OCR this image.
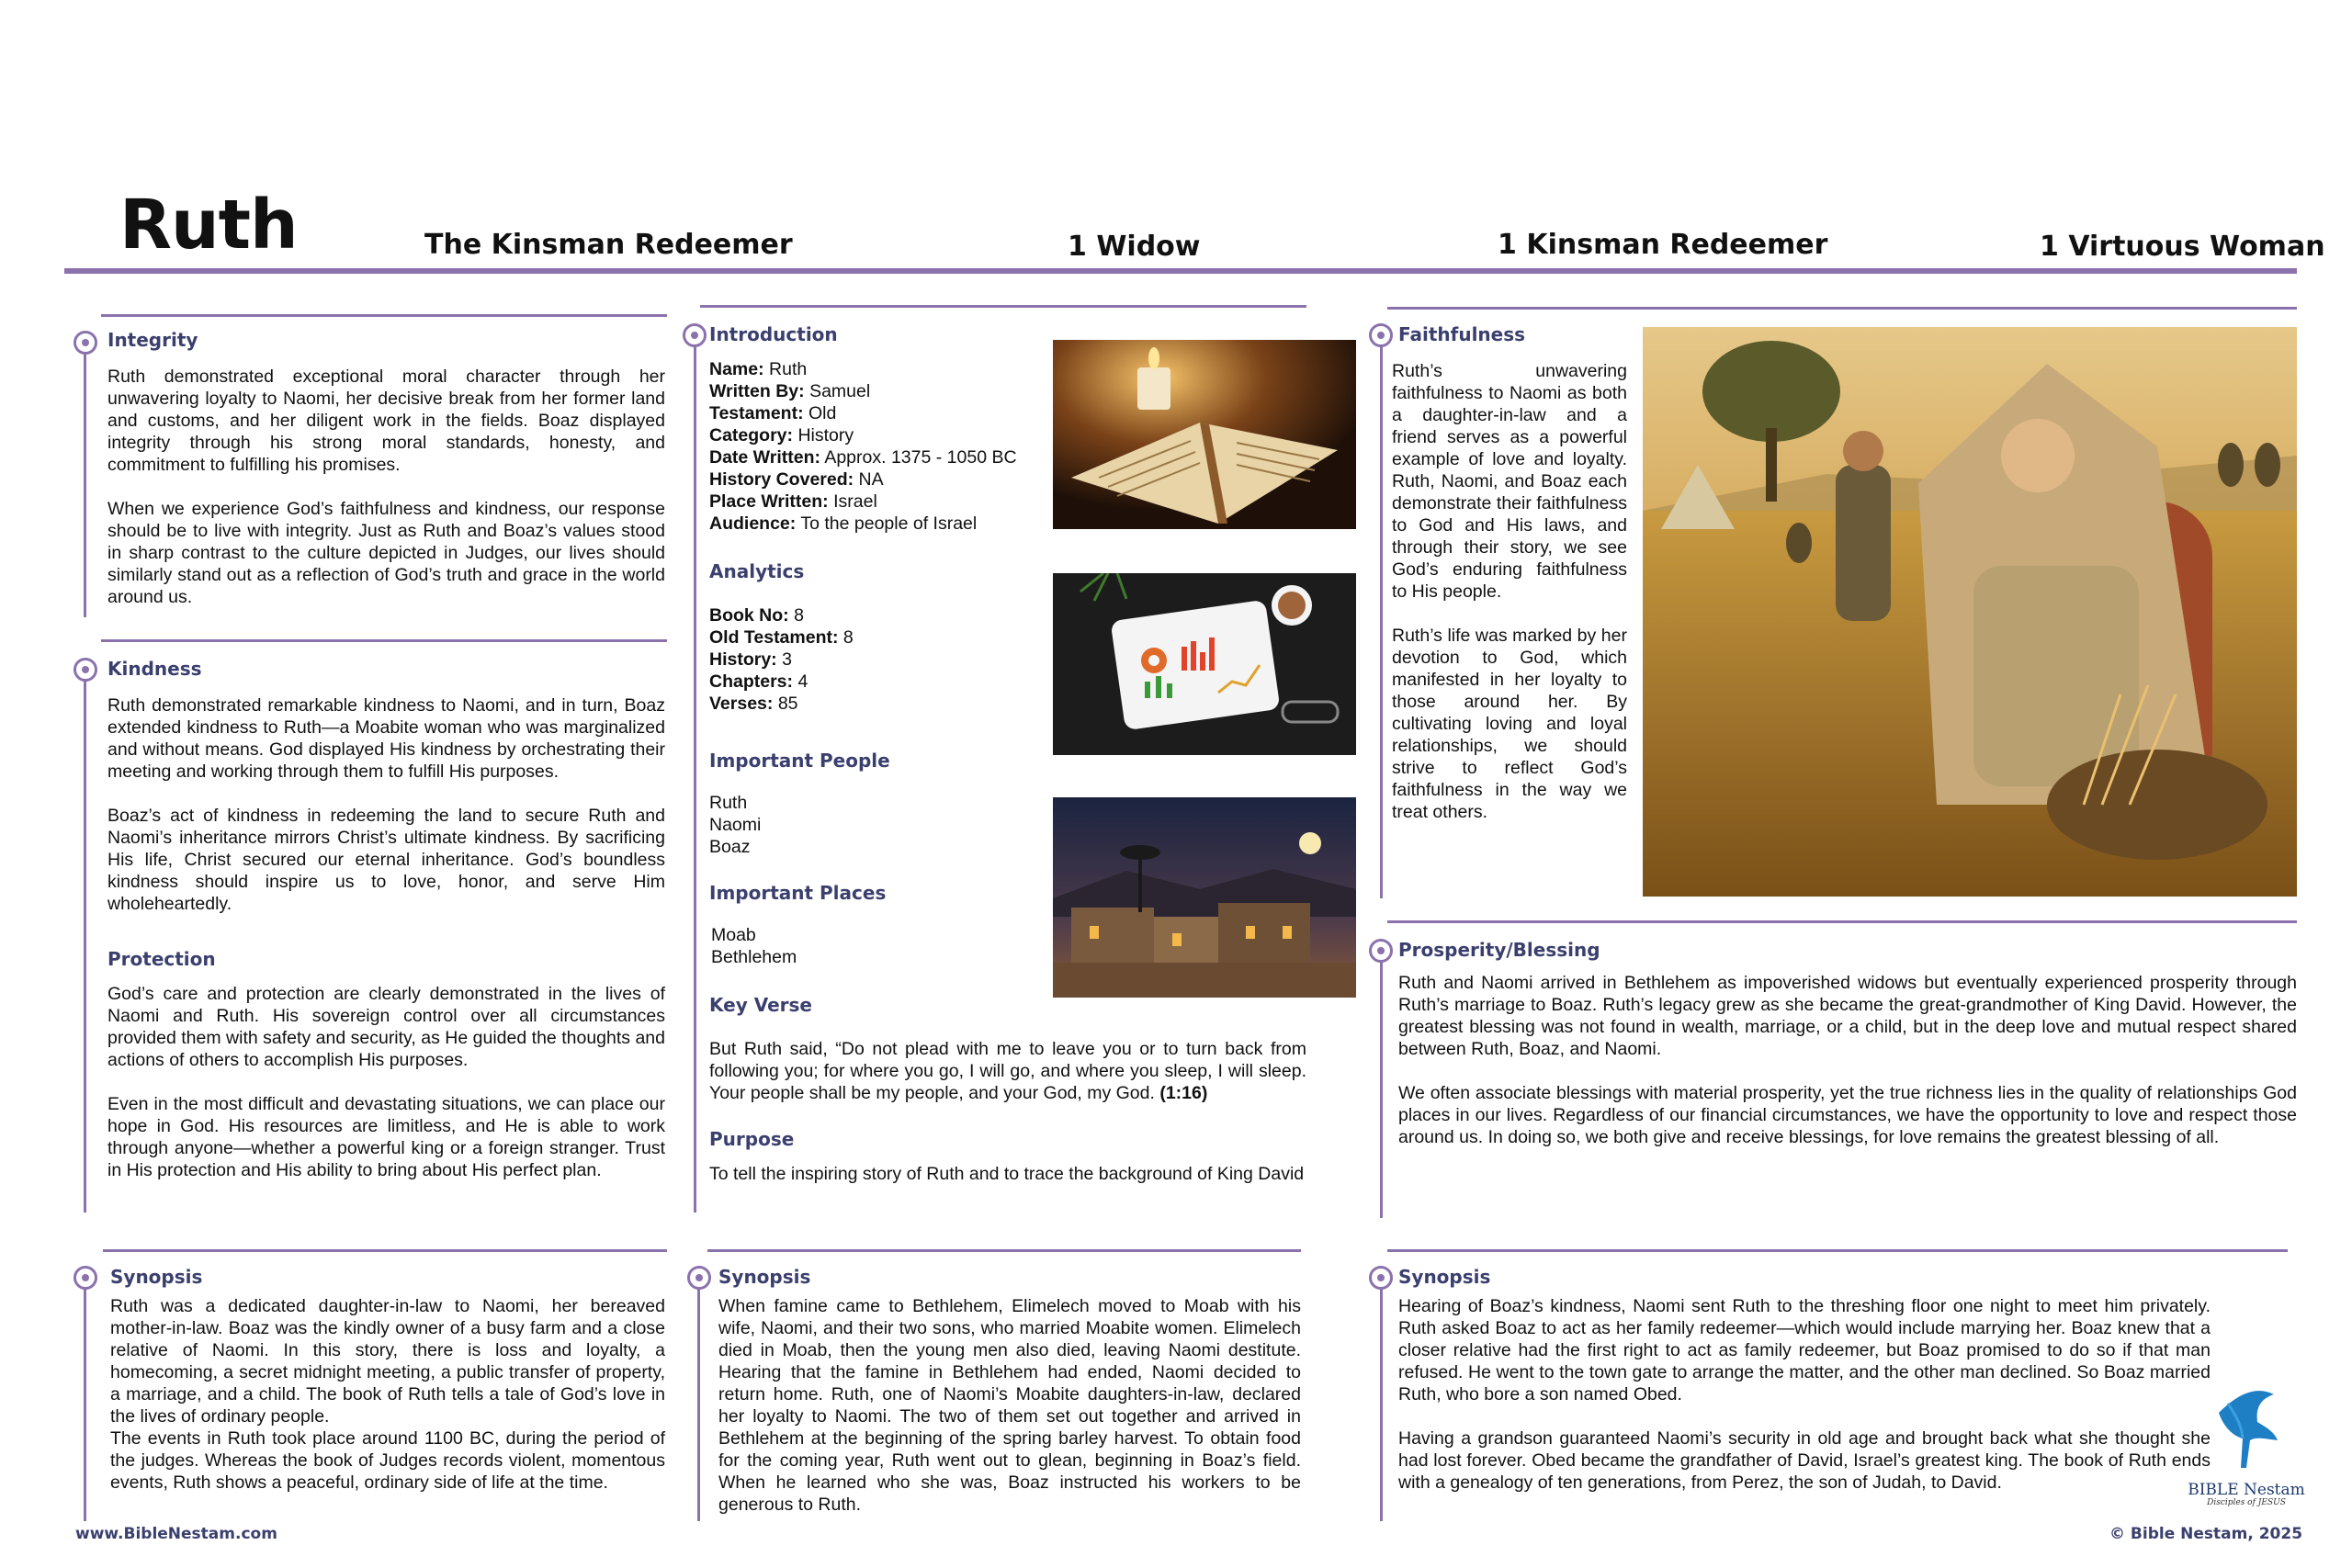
Ruth	The Kinsman Redeemer	1 Widow	1 Kinsman Redeemer	1 Virtuous Woman
Integrity

Ruth demonstrated exceptional moral character through her unwavering loyalty to Naomi, her decisive break from her former land and customs, and her diligent work in the fields. Boaz displayed integrity through his strong moral standards, honesty, and commitment to fulfilling his promises.

When we experience God’s faithfulness and kindness, our response should be to live with integrity. Just as Ruth and Boaz’s values stood in sharp contrast to the culture depicted in Judges, our lives should similarly stand out as a reflection of God’s truth and grace in the world around us.

Kindness

Ruth demonstrated remarkable kindness to Naomi, and in turn, Boaz extended kindness to Ruth—a Moabite woman who was marginalized and without means. God displayed His kindness by orchestrating their meeting and working through them to fulfill His purposes.

Boaz’s act of kindness in redeeming the land to secure Ruth and Naomi’s inheritance mirrors Christ’s ultimate kindness. By sacrificing His life, Christ secured our eternal inheritance. God’s boundless kindness should inspire us to love, honor, and serve Him wholeheartedly.

Protection

God’s care and protection are clearly demonstrated in the lives of Naomi and Ruth. His sovereign control over all circumstances provided them with safety and security, as He guided the thoughts and actions of others to accomplish His purposes.

Even in the most difficult and devastating situations, we can place our hope in God. His resources are limitless, and He is able to work through anyone—whether a powerful king or a foreign stranger. Trust in His protection and His ability to bring about His perfect plan.

Introduction
Name: Ruth
Written By: Samuel
Testament: Old
Category: History
Date Written: Approx. 1375 - 1050 BC
History Covered: NA
Place Written: Israel
Audience: To the people of Israel
Analytics
Book No: 8
Old Testament: 8
History: 3
Chapters: 4
Verses: 85
Important People
Ruth
Naomi
Boaz
Important Places
Moab
Bethlehem
Key Verse
But Ruth said, “Do not plead with me to leave you or to turn back from following you; for where you go, I will go, and where you sleep, I will sleep. Your people shall be my people, and your God, my God. (1:16)
Purpose
To tell the inspiring story of Ruth and to trace the background of King David
Faithfulness

Ruth’s unwavering faithfulness to Naomi as both a daughter-in-law and a friend serves as a powerful example of love and loyalty. Ruth, Naomi, and Boaz each demonstrate their faithfulness to God and His laws, and through their story, we see God’s enduring faithfulness to His people.

Ruth’s life was marked by her devotion to God, which manifested in her loyalty to those around her. By cultivating loving and loyal relationships, we should strive to reflect God’s faithfulness in the way we treat others.

Prosperity/Blessing

Ruth and Naomi arrived in Bethlehem as impoverished widows but eventually experienced prosperity through Ruth’s marriage to Boaz. Ruth’s legacy grew as she became the great-grandmother of King David. However, the greatest blessing was not found in wealth, marriage, or a child, but in the deep love and mutual respect shared between Ruth, Boaz, and Naomi.

We often associate blessings with material prosperity, yet the true richness lies in the quality of relationships God places in our lives. Regardless of our financial circumstances, we have the opportunity to love and respect those around us. In doing so, we both give and receive blessings, for love remains the greatest blessing of all.

Synopsis

Ruth was a dedicated daughter-in-law to Naomi, her bereaved mother-in-law. Boaz was the kindly owner of a busy farm and a close relative of Naomi. In this story, there is loss and loyalty, a homecoming, a secret midnight meeting, a public transfer of property, a marriage, and a child. The book of Ruth tells a tale of God’s love in the lives of ordinary people.

The events in Ruth took place around 1100 BC, during the period of the judges. Whereas the book of Judges records violent, momentous events, Ruth shows a peaceful, ordinary side of life at the time.

Synopsis

When famine came to Bethlehem, Elimelech moved to Moab with his wife, Naomi, and their two sons, who married Moabite women. Elimelech died in Moab, then the young men also died, leaving Naomi destitute. Hearing that the famine in Bethlehem had ended, Naomi decided to return home. Ruth, one of Naomi’s Moabite daughters-in-law, declared her loyalty to Naomi. The two of them set out together and arrived in Bethlehem at the beginning of the spring barley harvest. To obtain food for the coming year, Ruth went out to glean, beginning in Boaz’s field. When he learned who she was, Boaz instructed his workers to be generous to Ruth.

Synopsis

Hearing of Boaz’s kindness, Naomi sent Ruth to the threshing floor one night to meet him privately. Ruth asked Boaz to act as her family redeemer—which would include marrying her. Boaz knew that a closer relative had the first right to act as family redeemer, but Boaz promised to do so if that man refused. He went to the town gate to arrange the matter, and the other man declined. So Boaz married Ruth, who bore a son named Obed.

Having a grandson guaranteed Naomi’s security in old age and brought back what she thought she had lost forever. Obed became the grandfather of David, Israel’s greatest king. The book of Ruth ends with a genealogy of ten generations, from Perez, the son of Judah, to David.	BIBLE Nestam
Disciples of JESUS
www.BibleNestam.com	© Bible Nestam, 2025
